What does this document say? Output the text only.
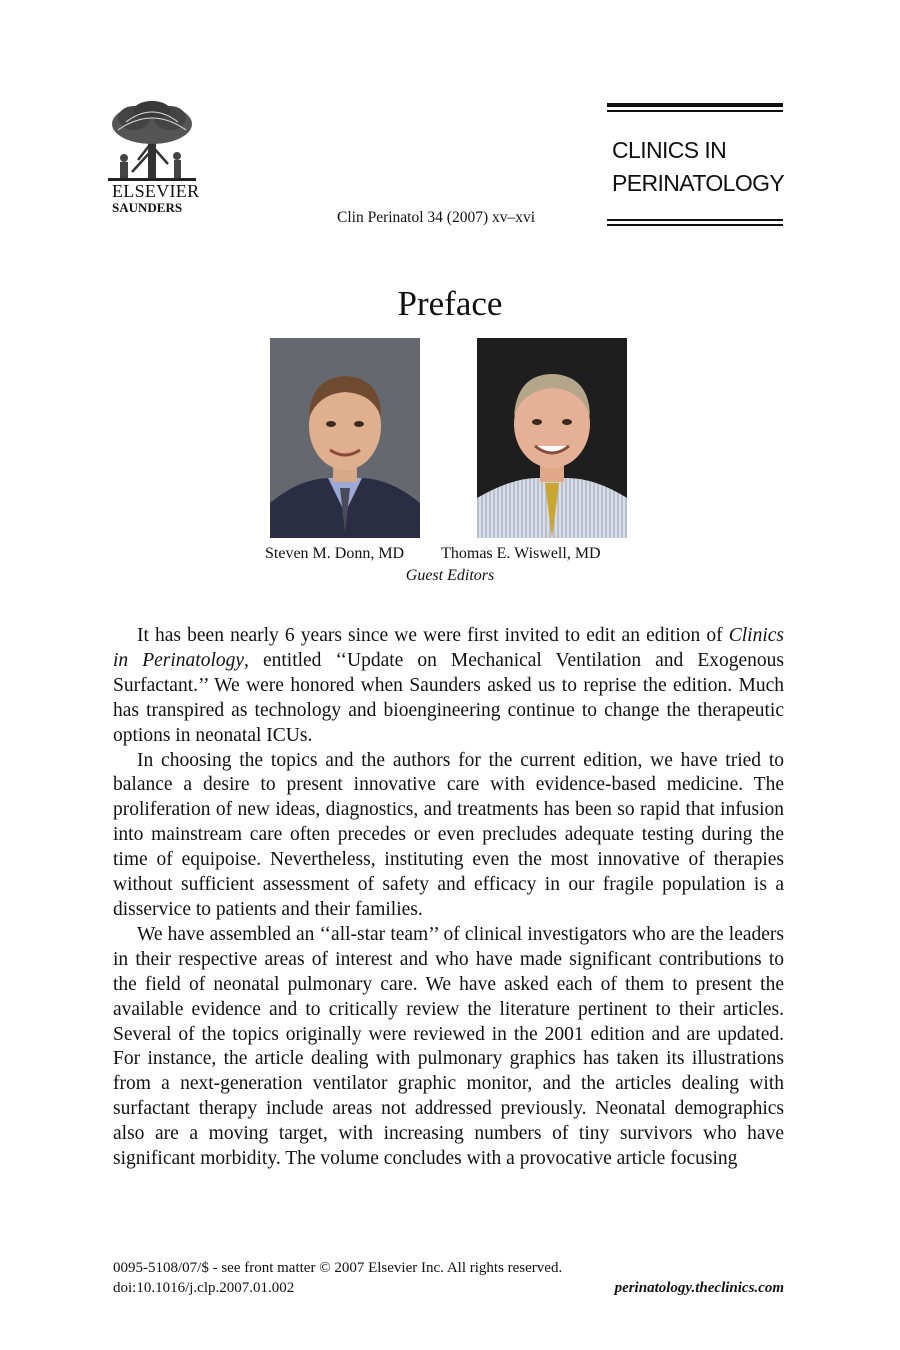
ELSEVIER
SAUNDERS
Clin Perinatol 34 (2007) xv–xvi
CLINICS IN
PERINATOLOGY
Preface
Steven M. Donn, MD Thomas E. Wiswell, MD
Guest Editors

It has been nearly 6 years since we were first invited to edit an edition of Clinics in Perinatology, entitled ‘‘Update on Mechanical Ventilation and Exogenous Surfactant.’’ We were honored when Saunders asked us to reprise the edition. Much has transpired as technology and bioengineering continue to change the therapeutic options in neonatal ICUs.

In choosing the topics and the authors for the current edition, we have tried to balance a desire to present innovative care with evidence-based medicine. The proliferation of new ideas, diagnostics, and treatments has been so rapid that infusion into mainstream care often precedes or even precludes adequate testing during the time of equipoise. Nevertheless, instituting even the most innovative of therapies without sufficient assessment of safety and efficacy in our fragile population is a disservice to patients and their families.

We have assembled an ‘‘all-star team’’ of clinical investigators who are the leaders in their respective areas of interest and who have made significant contributions to the field of neonatal pulmonary care. We have asked each of them to present the available evidence and to critically review the literature pertinent to their articles. Several of the topics originally were reviewed in the 2001 edition and are updated. For instance, the article dealing with pulmonary graphics has taken its illustrations from a next-generation ventilator graphic monitor, and the articles dealing with surfactant therapy include areas not addressed previously. Neonatal demographics also are a moving target, with increasing numbers of tiny survivors who have significant morbidity. The volume concludes with a provocative article focusing

0095-5108/07/$ - see front matter © 2007 Elsevier Inc. All rights reserved.
doi:10.1016/j.clp.2007.01.002	perinatology.theclinics.com
